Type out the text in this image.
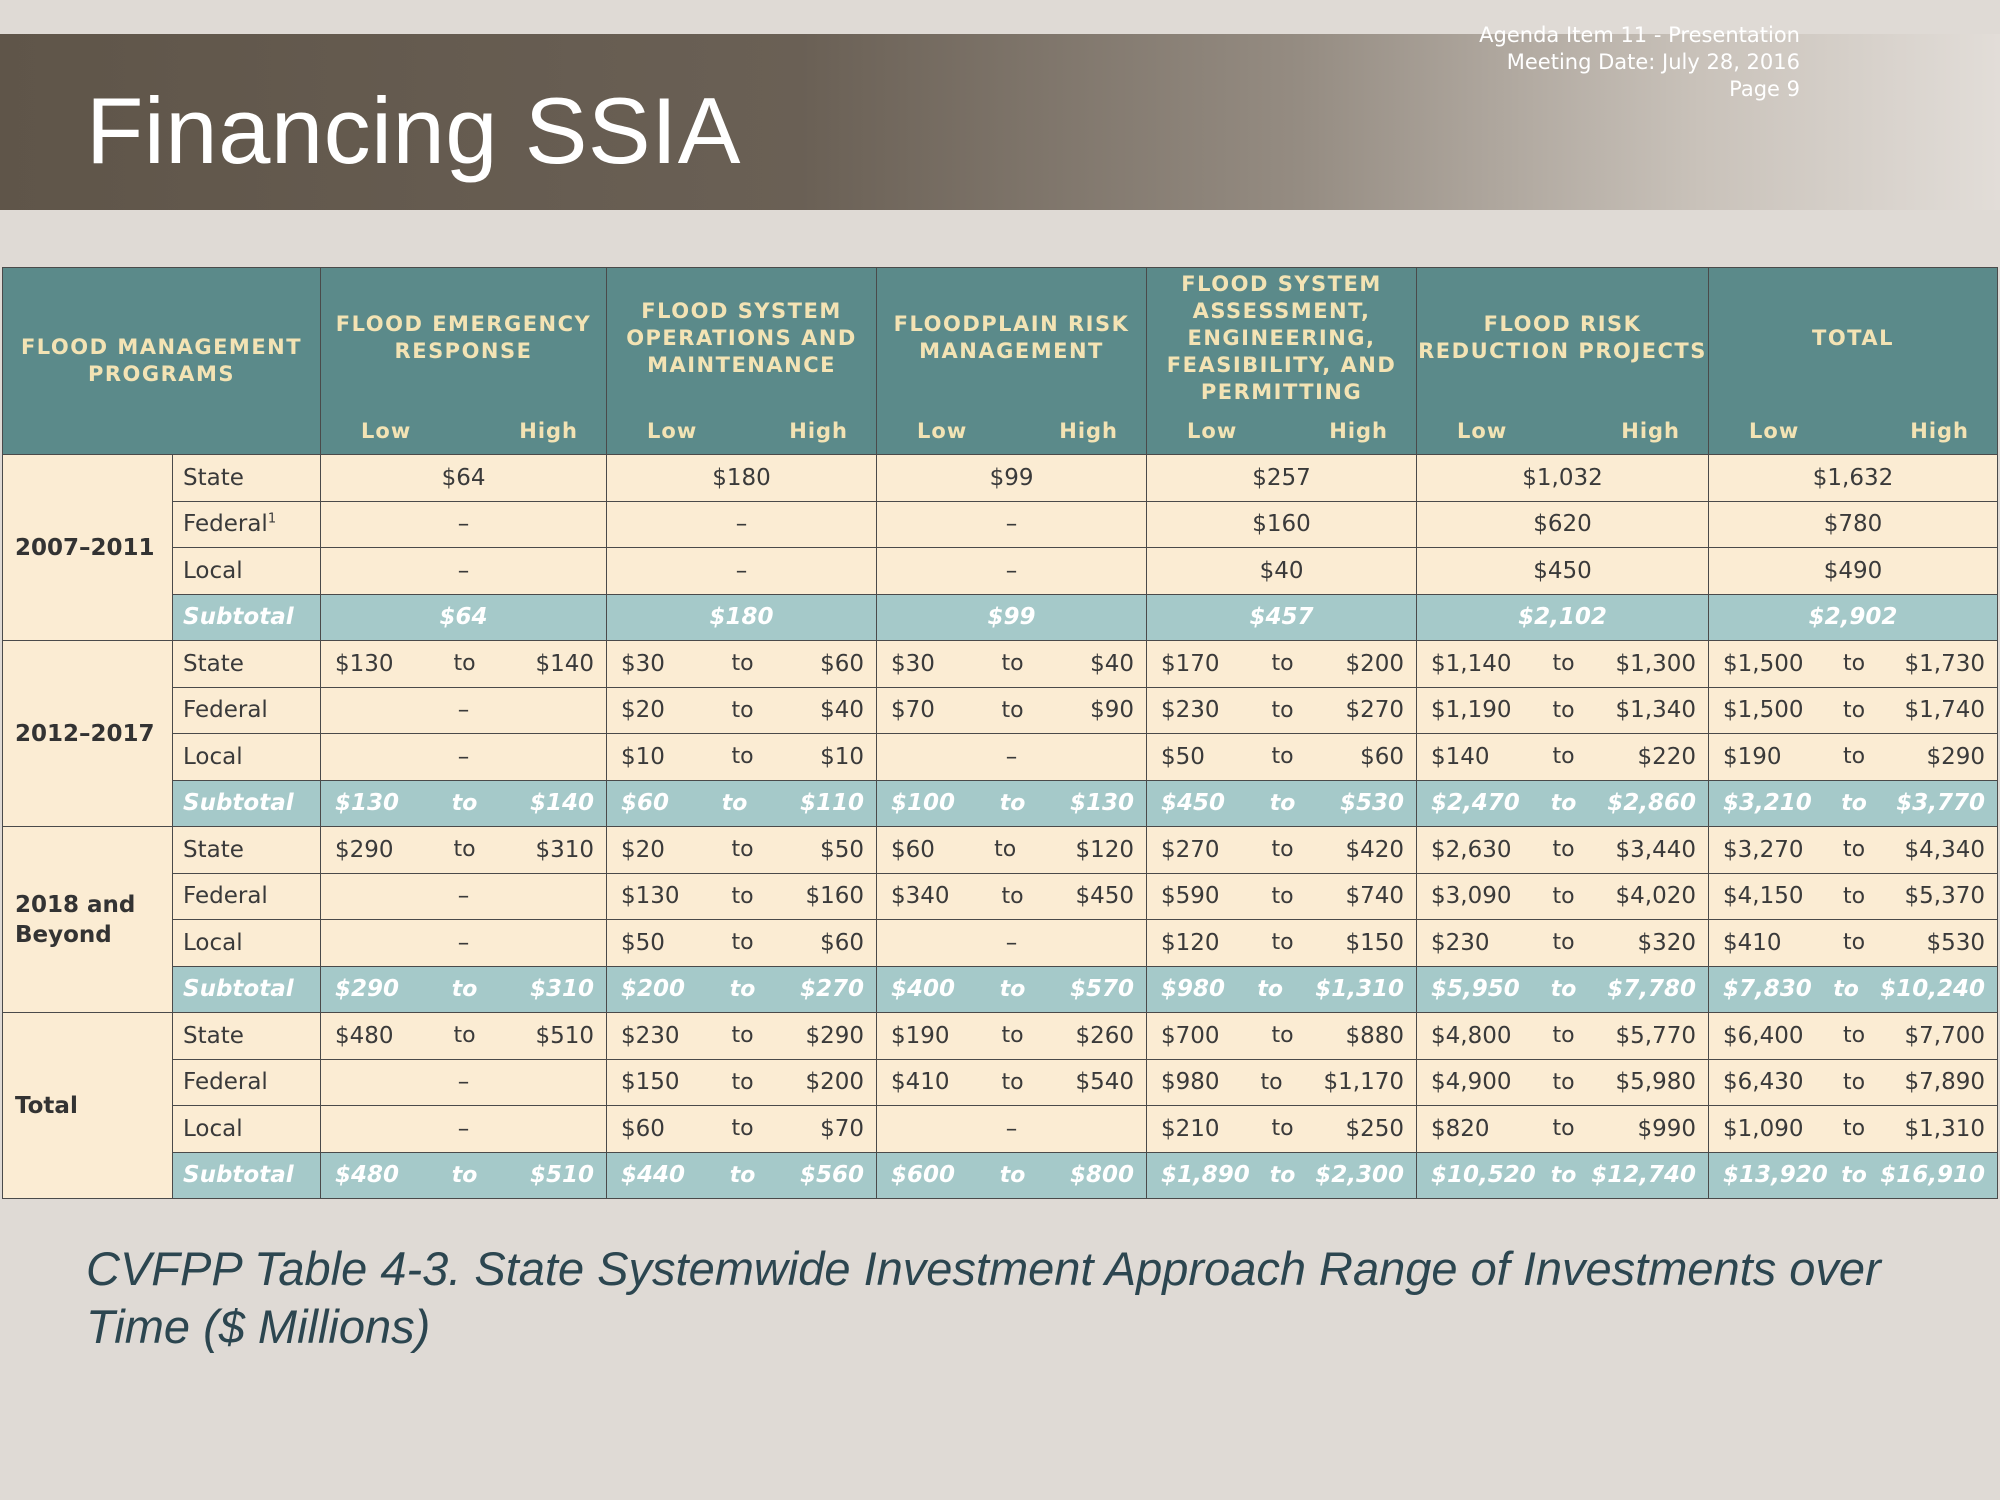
Financing SSIA
Agenda Item 11 - Presentation
Meeting Date: July 28, 2016
Page 9
FLOOD MANAGEMENT PROGRAMS		FLOOD EMERGENCY RESPONSE	FLOOD SYSTEM OPERATIONS AND MAINTENANCE	FLOODPLAIN RISK MANAGEMENT	FLOOD SYSTEM ASSESSMENT, ENGINEERING, FEASIBILITY, AND PERMITTING	FLOOD RISK REDUCTION PROJECTS	TOTAL

		Low High	Low High	Low High	Low High	Low High	Low High

2007–2011	State	$64	$180	$99	$257	$1,032	$1,632
	Federal$^1$	–	–	–	$160	$620	$780
	Local	–	–	–	$40	$450	$490
	Subtotal	$64	$180	$99	$457	$2,102	$2,902
2012–2017	State	$130 to $140	$30 to $60	$30 to $40	$170 to $200	$1,140 to $1,300	$1,500 to $1,730

	Federal	–	$20 to $40	$70 to $90	$230 to $270	$1,190 to $1,340	$1,500 to $1,740

	Local	–	$10 to $10	–	$50 to $60	$140 to $220	$190 to $290

	Subtotal	$130 to $140	$60 to $110	$100 to $130	$450 to $530	$2,470 to $2,860	$3,210 to $3,770

2018 and Beyond	State	$290 to $310	$20 to $50	$60 to $120	$270 to $420	$2,630 to $3,440	$3,270 to $4,340

	Federal	–	$130 to $160	$340 to $450	$590 to $740	$3,090 to $4,020	$4,150 to $5,370

	Local	–	$50 to $60	–	$120 to $150	$230 to $320	$410 to $530

	Subtotal	$290 to $310	$200 to $270	$400 to $570	$980 to $1,310	$5,950 to $7,780	$7,830 to $10,240

Total	State	$480 to $510	$230 to $290	$190 to $260	$700 to $880	$4,800 to $5,770	$6,400 to $7,700

	Federal	–	$150 to $200	$410 to $540	$980 to $1,170	$4,900 to $5,980	$6,430 to $7,890

	Local	–	$60 to $70	–	$210 to $250	$820 to $990	$1,090 to $1,310

	Subtotal	$480 to $510	$440 to $560	$600 to $800	$1,890 to $2,300	$10,520 to $12,740	$13,920 to $16,910
CVFPP Table 4-3. State Systemwide Investment Approach Range of Investments over Time ($ Millions)
